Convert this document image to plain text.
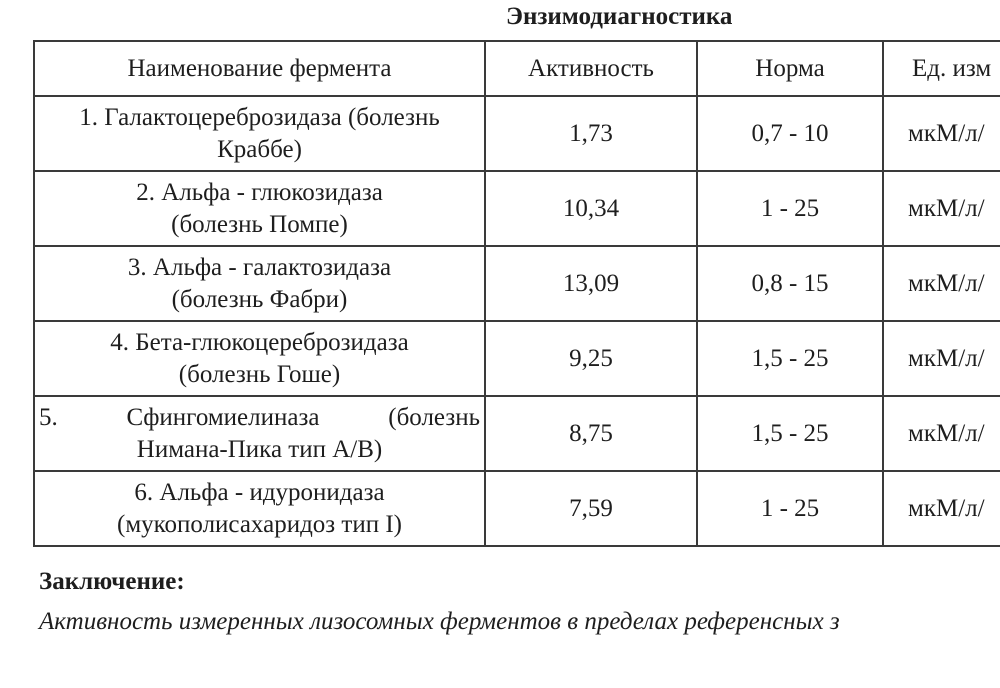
Энзимодиагностика
Наименование фермента	Активность	Норма	Ед. изм

1. Галактоцереброзидаза (болезнь
Краббе)	1,73	0,7 - 10	мкМ/л/

2. Альфа - глюкозидаза
(болезнь Помпе)	10,34	1 - 25	мкМ/л/

3. Альфа - галактозидаза
(болезнь Фабри)	13,09	0,8 - 15	мкМ/л/

4. Бета-глюкоцереброзидаза
(болезнь Гоше)	9,25	1,5 - 25	мкМ/л/

5. Сфингомиелиназа (болезнь
Нимана-Пика тип А/В)	8,75	1,5 - 25	мкМ/л/

6. Альфа - идуронидаза
(мукополисахаридоз тип I)	7,59	1 - 25	мкМ/л/
Заключение:
Активность измеренных лизосомных ферментов в пределах референсных з
